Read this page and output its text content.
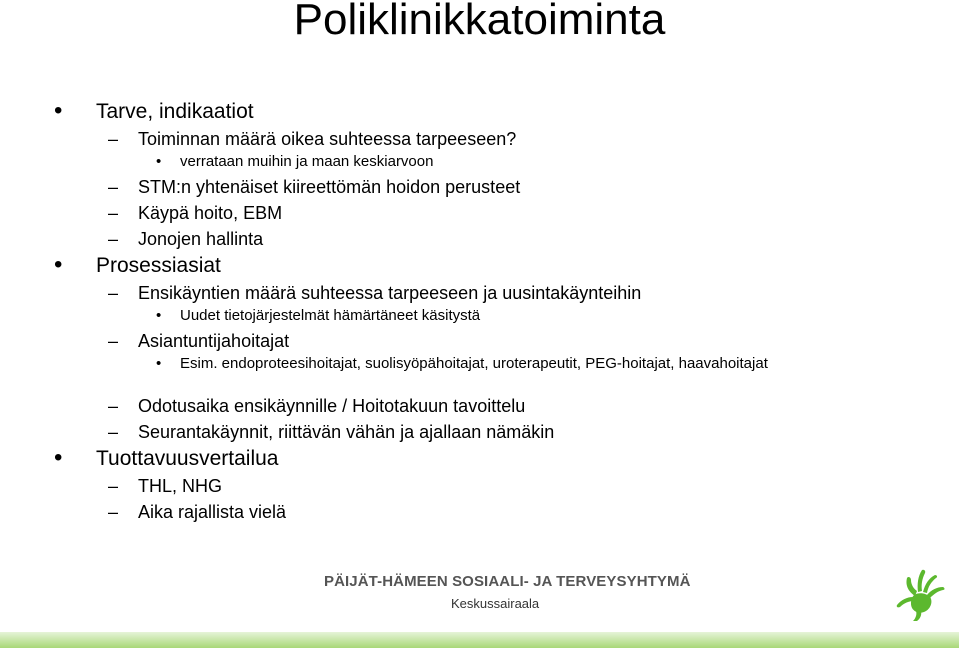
Poliklinikkatoiminta
• Tarve, indikaatiot
– Toiminnan määrä oikea suhteessa tarpeeseen?
• verrataan muihin ja maan keskiarvoon
– STM:n yhtenäiset kiireettömän hoidon perusteet
– Käypä hoito, EBM
– Jonojen hallinta
• Prosessiasiat
– Ensikäyntien määrä suhteessa tarpeeseen ja uusintakäynteihin
• Uudet tietojärjestelmät hämärtäneet käsitystä
– Asiantuntijahoitajat
• Esim. endoproteesihoitajat, suolisyöpähoitajat, uroterapeutit, PEG-hoitajat, haavahoitajat
– Odotusaika ensikäynnille / Hoitotakuun tavoittelu
– Seurantakäynnit, riittävän vähän ja ajallaan nämäkin
• Tuottavuusvertailua
– THL, NHG
– Aika rajallista vielä
PÄIJÄT-HÄMEEN SOSIAALI- JA TERVEYSYHTYMÄ
Keskussairaala
